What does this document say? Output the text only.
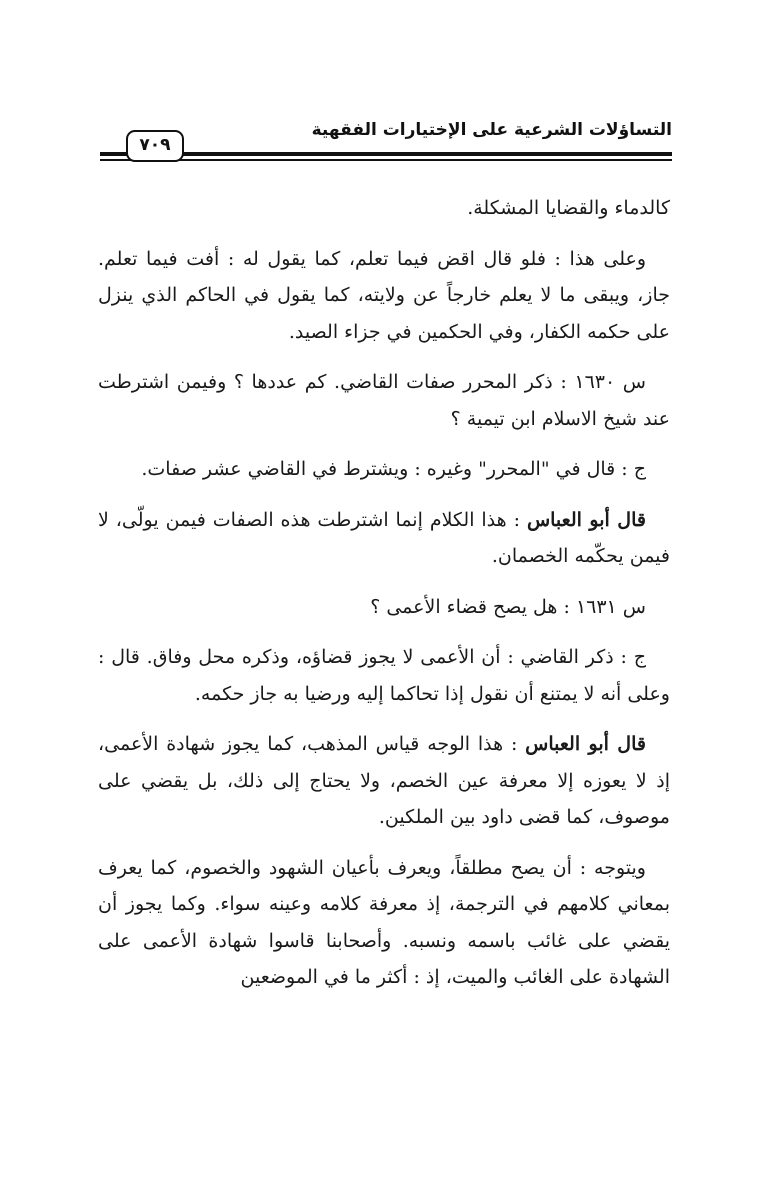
التساؤلات الشرعية على الإختيارات الفقهية
٧٠٩

كالدماء والقضايا المشكلة.

وعلى هذا : فلو قال اقض فيما تعلم، كما يقول له : أفت فيما تعلم. جاز، ويبقى ما لا يعلم خارجاً عن ولايته، كما يقول في الحاكم الذي ينزل على حكمه الكفار، وفي الحكمين في جزاء الصيد.

س ١٦٣٠ : ذكر المحرر صفات القاضي. كم عددها ؟ وفيمن اشترطت عند شيخ الاسلام ابن تيمية ؟

ج : قال في "المحرر" وغيره : ويشترط في القاضي عشر صفات.

قال أبو العباس : هذا الكلام إنما اشترطت هذه الصفات فيمن يولّى، لا فيمن يحكّمه الخصمان.

س ١٦٣١ : هل يصح قضاء الأعمى ؟

ج : ذكر القاضي : أن الأعمى لا يجوز قضاؤه، وذكره محل وفاق. قال : وعلى أنه لا يمتنع أن نقول إذا تحاكما إليه ورضيا به جاز حكمه.

قال أبو العباس : هذا الوجه قياس المذهب، كما يجوز شهادة الأعمى، إذ لا يعوزه إلا معرفة عين الخصم، ولا يحتاج إلى ذلك، بل يقضي على موصوف، كما قضى داود بين الملكين.

ويتوجه : أن يصح مطلقاً، ويعرف بأعيان الشهود والخصوم، كما يعرف بمعاني كلامهم في الترجمة، إذ معرفة كلامه وعينه سواء. وكما يجوز أن يقضي على غائب باسمه ونسبه. وأصحابنا قاسوا شهادة الأعمى على الشهادة على الغائب والميت، إذ : أكثر ما في الموضعين
